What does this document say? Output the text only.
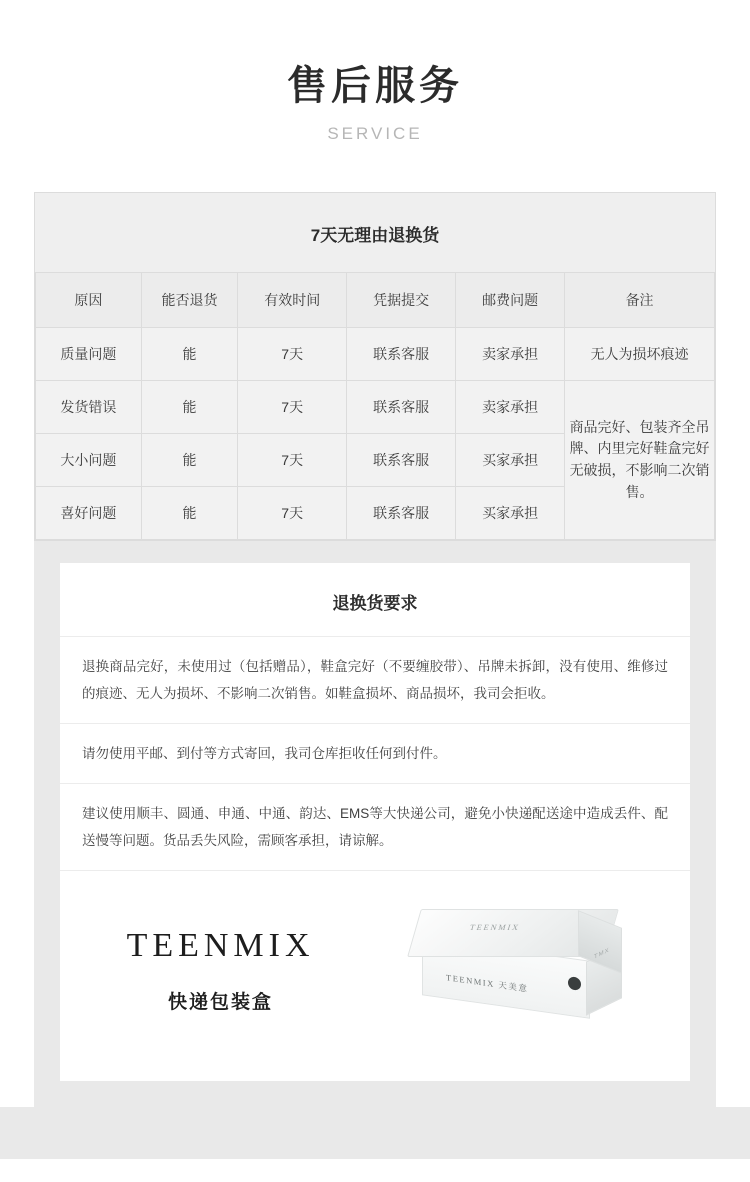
售后服务
SERVICE
7天无理由退换货
原因	能否退货	有效时间	凭据提交	邮费问题	备注
质量问题	能	7天	联系客服	卖家承担	无人为损坏痕迹
发货错误	能	7天	联系客服	卖家承担	商品完好、包装齐全吊牌、内里完好鞋盒完好无破损，不影响二次销售。
大小问题	能	7天	联系客服	买家承担	
喜好问题	能	7天	联系客服	买家承担	
退换货要求
退换商品完好，未使用过（包括赠品），鞋盒完好（不要缠胶带）、吊牌未拆卸，没有使用、维修过的痕迹、无人为损坏、不影响二次销售。如鞋盒损坏、商品损坏，我司会拒收。
请勿使用平邮、到付等方式寄回，我司仓库拒收任何到付件。
建议使用顺丰、圆通、申通、中通、韵达、EMS等大快递公司，避免小快递配送途中造成丢件、配送慢等问题。货品丢失风险，需顾客承担，请谅解。
TEENMIX
快递包装盒
TEENMIX
TEENMIX 天美意
TMX
